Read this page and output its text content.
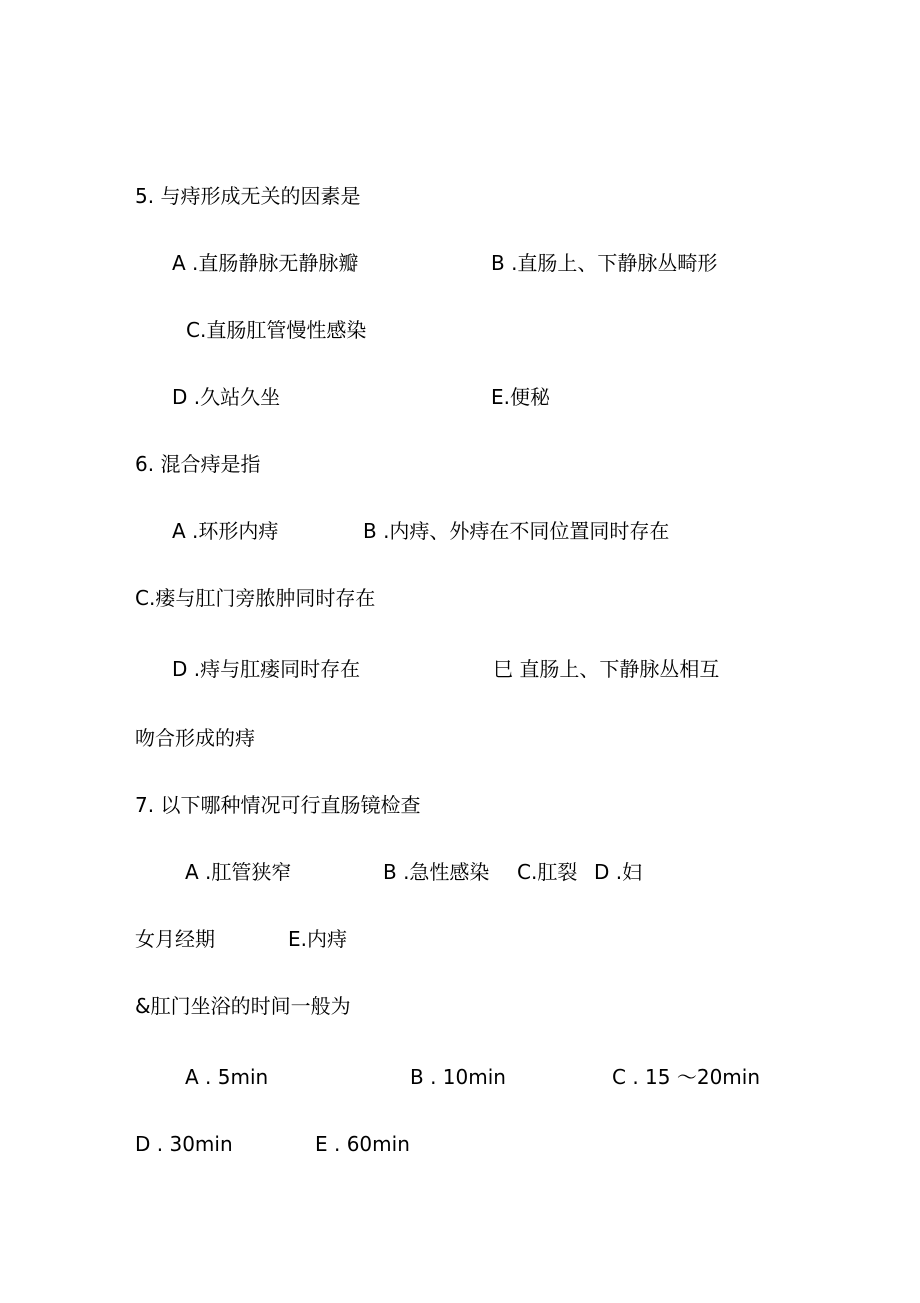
5. 与痔形成无关的因素是
A .直肠静脉无静脉瓣	B .直肠上、下静脉丛畸形
C.直肠肛管慢性感染
D .久站久坐	E.便秘
6. 混合痔是指
A .环形内痔	B .内痔、外痔在不同位置同时存在
C.瘘与肛门旁脓肿同时存在
D .痔与肛瘘同时存在	巳 直肠上、下静脉丛相互
吻合形成的痔
7. 以下哪种情况可行直肠镜检查
A .肛管狭窄	B .急性感染 C.肛裂 D .妇
女月经期	E.内痔
&肛门坐浴的时间一般为
A . 5min	B . 10min	C . 15 ～20min
D . 30min	E . 60min
